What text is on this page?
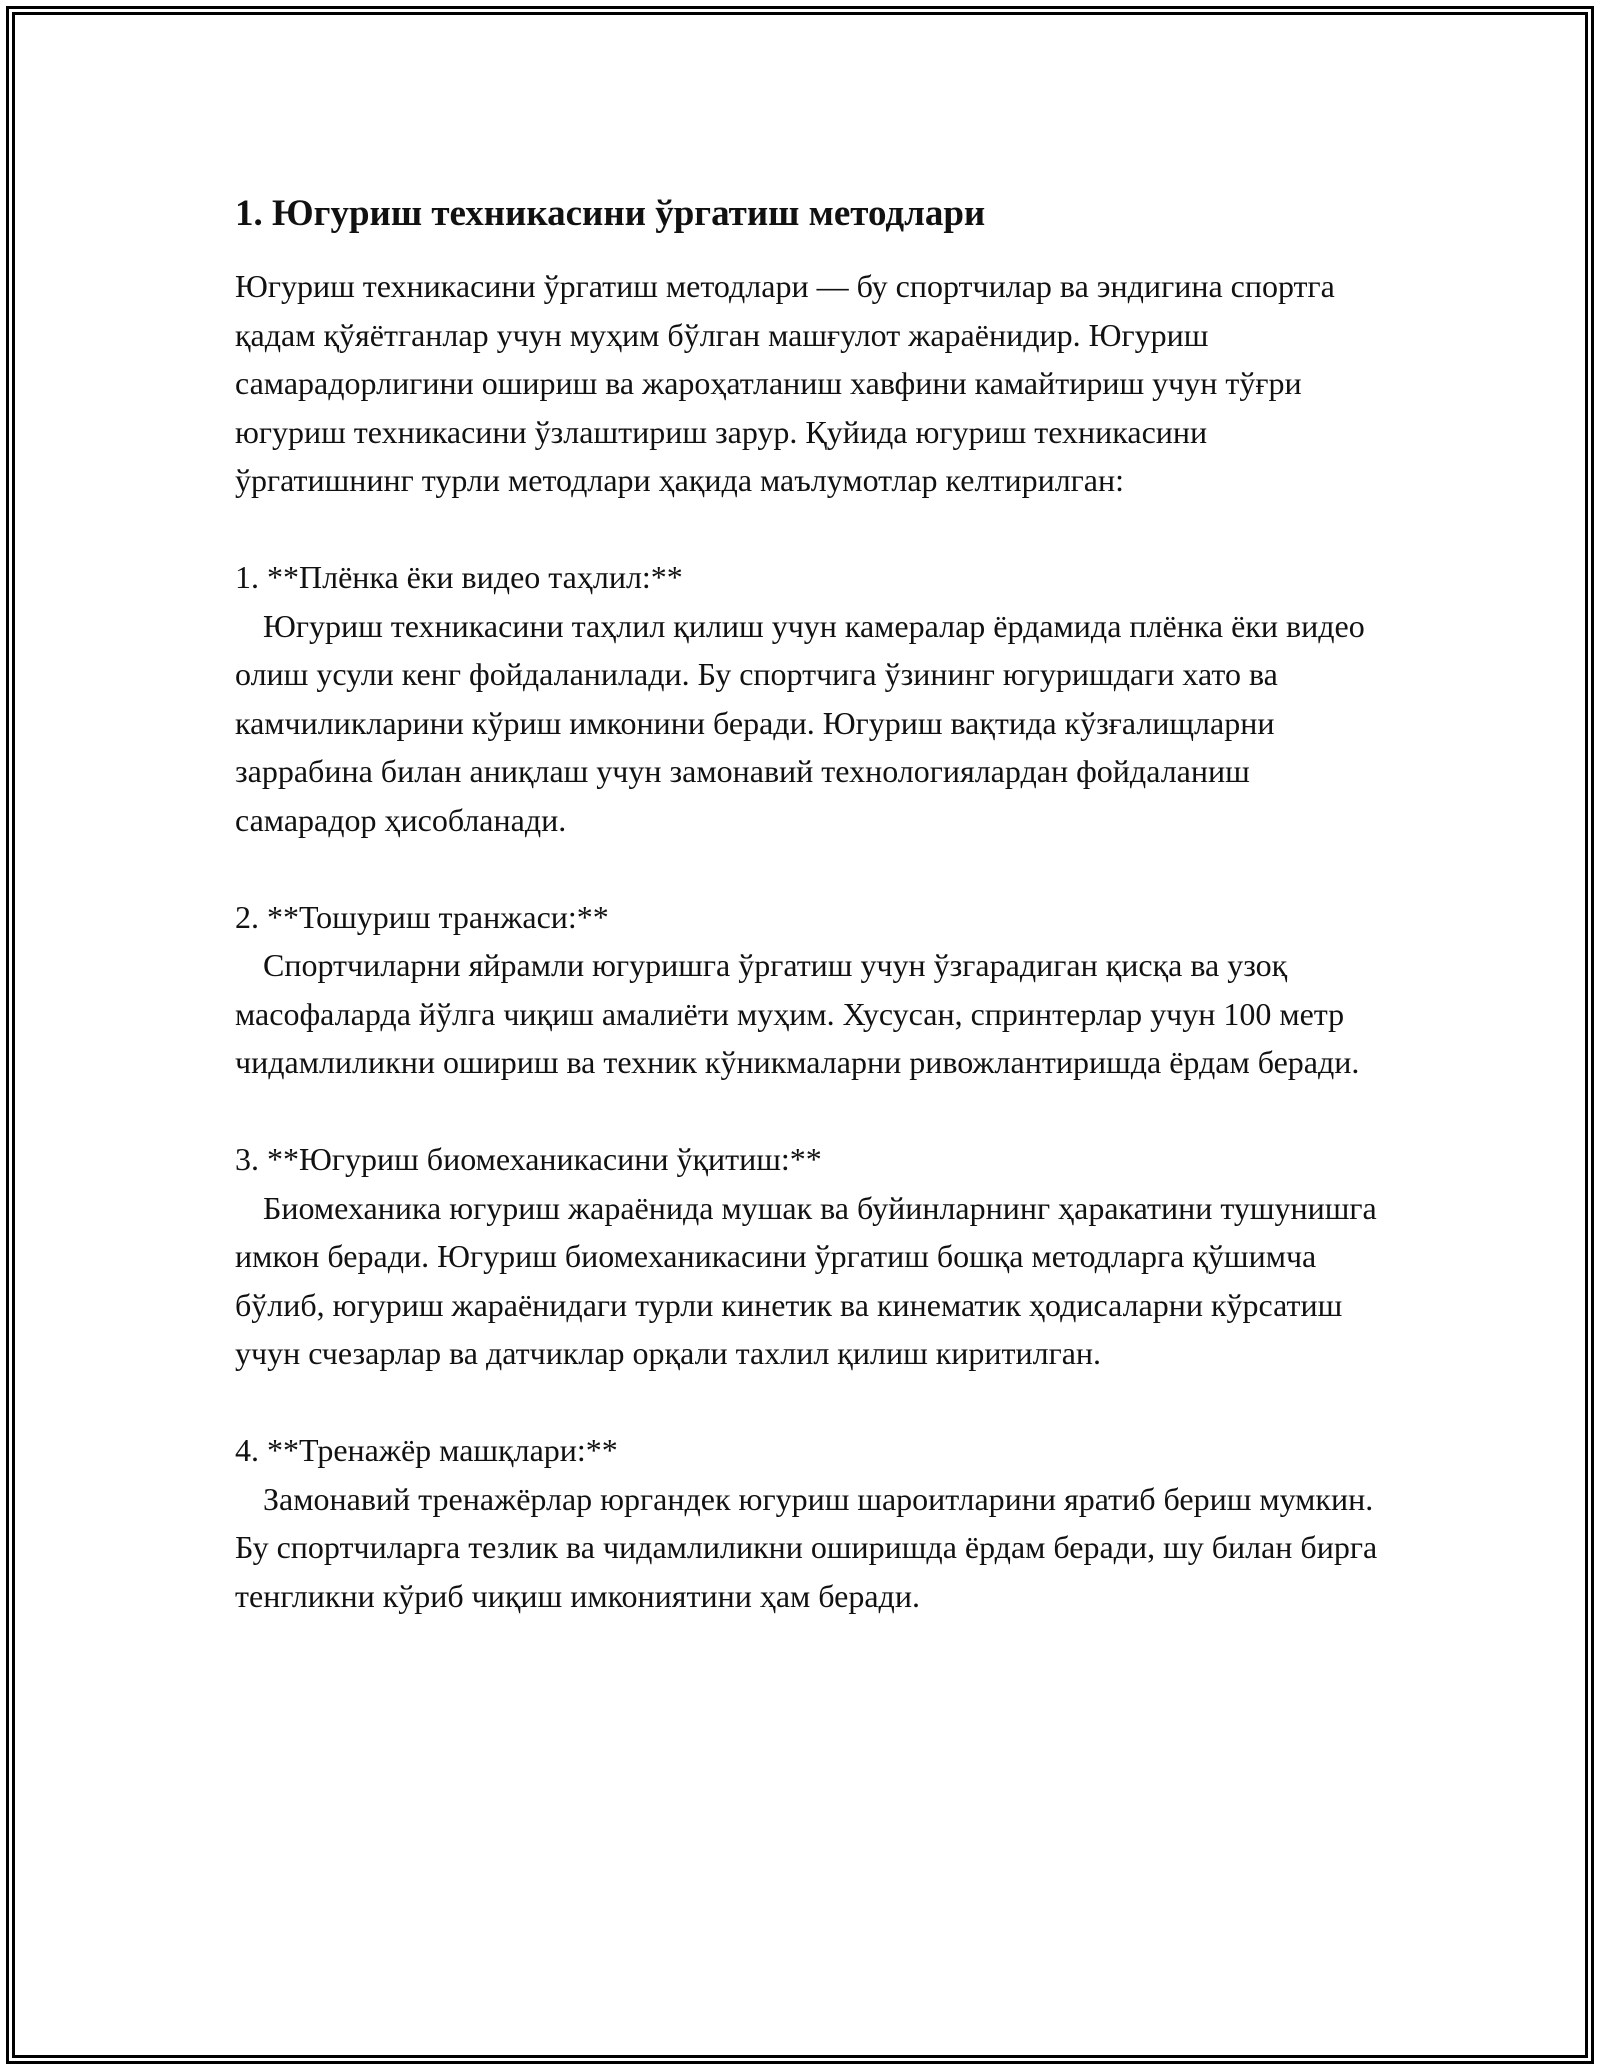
1. Югуриш техникасини ўргатиш методлари

Югуриш техникасини ўргатиш методлари — бу спортчилар ва эндигина спортга қадам қўяётганлар учун муҳим бўлган машғулот жараёнидир. Югуриш самарадорлигини ошириш ва жароҳатланиш хавфини камайтириш учун тўғри югуриш техникасини ўзлаштириш зарур. Қуйида югуриш техникасини ўргатишнинг турли методлари ҳақида маълумотлар келтирилган:

1. **Плёнка ёки видео таҳлил:**

Югуриш техникасини таҳлил қилиш учун камералар ёрдамида плёнка ёки видео олиш усули кенг фойдаланилади. Бу спортчига ўзининг югуришдаги хато ва камчиликларини кўриш имконини беради. Югуриш вақтида кўзғалищларни заррабина билан аниқлаш учун замонавий технологиялардан фойдаланиш самарадор ҳисобланади.

2. **Тошуриш транжаси:**

Спортчиларни яйрамли югуришга ўргатиш учун ўзгарадиган қисқа ва узоқ масофаларда йўлга чиқиш амалиёти муҳим. Хусусан, спринтерлар учун 100 метр чидамлиликни ошириш ва техник кўникмаларни ривожлантиришда ёрдам беради.

3. **Югуриш биомеханикасини ўқитиш:**

Биомеханика югуриш жараёнида мушак ва буйинларнинг ҳаракатини тушунишга имкон беради. Югуриш биомеханикасини ўргатиш бошқа методларга қўшимча бўлиб, югуриш жараёнидаги турли кинетик ва кинематик ҳодисаларни кўрсатиш учун счезарлар ва датчиклар орқали тахлил қилиш киритилган.

4. **Тренажёр машқлари:**

Замонавий тренажёрлар юргандек югуриш шароитларини яратиб бериш мумкин. Бу спортчиларга тезлик ва чидамлиликни оширишда ёрдам беради, шу билан бирга тенгликни кўриб чиқиш имкониятини ҳам беради.
